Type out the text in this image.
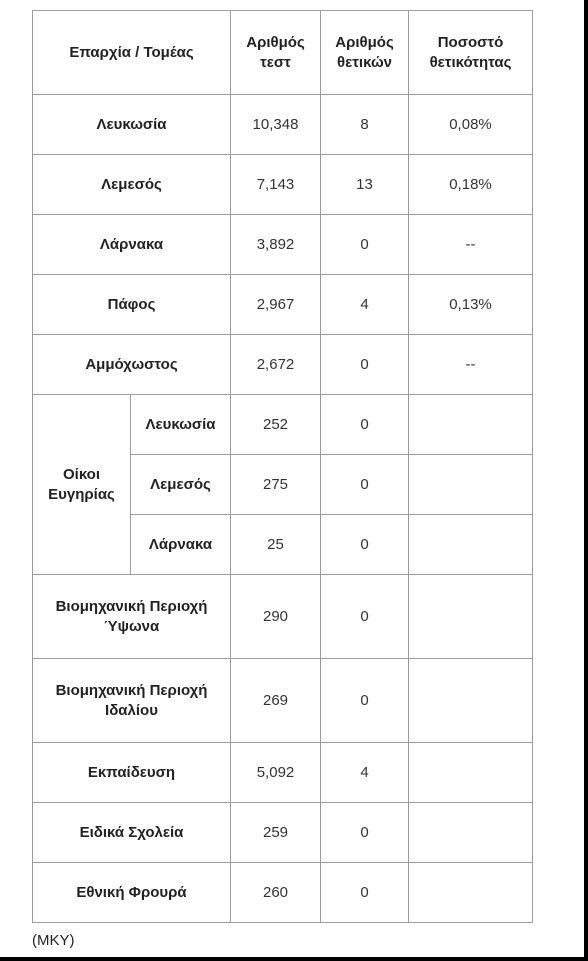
Επαρχία / Τομέας		Αριθμός τεστ	Αριθμός θετικών	Ποσοστό θετικότητας
Λευκωσία		10,348	8	0,08%
Λεμεσός		7,143	13	0,18%
Λάρνακα		3,892	0	--
Πάφος		2,967	4	0,13%
Αμμόχωστος		2,672	0	--
Οίκοι Ευγηρίας	Λευκωσία	252	0	
	Λεμεσός	275	0	
	Λάρνακα	25	0	
Βιομηχανική Περιοχή Ύψωνα		290	0	
Βιομηχανική Περιοχή Ιδαλίου		269	0	
Εκπαίδευση		5,092	4	
Ειδικά Σχολεία		259	0	
Εθνική Φρουρά		260	0	
(MKY)
